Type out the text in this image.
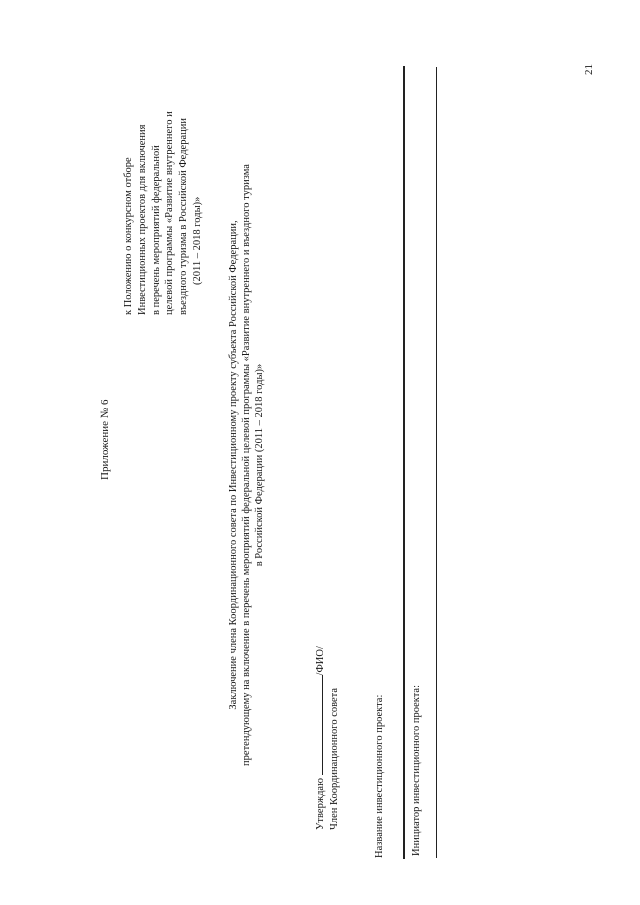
Приложение № 6
к Положению о конкурсном отборе Инвестиционных проектов для включения в перечень мероприятий федеральной целевой программы «Развитие внутреннего и въездного туризма в Российской Федерации (2011 – 2018 годы)» Заключение члена Координационного совета по Инвестиционному проекту субъекта Российской Федерации, претендующему на включение в перечень мероприятий федеральной целевой программы «Развитие внутреннего и въездного туризма в Российской Федерации (2011 – 2018 годы)»
Утверждаю /ФИО/
Член Координационного совета	Название инвестиционного проекта: Инициатор инвестиционного проекта:
21
